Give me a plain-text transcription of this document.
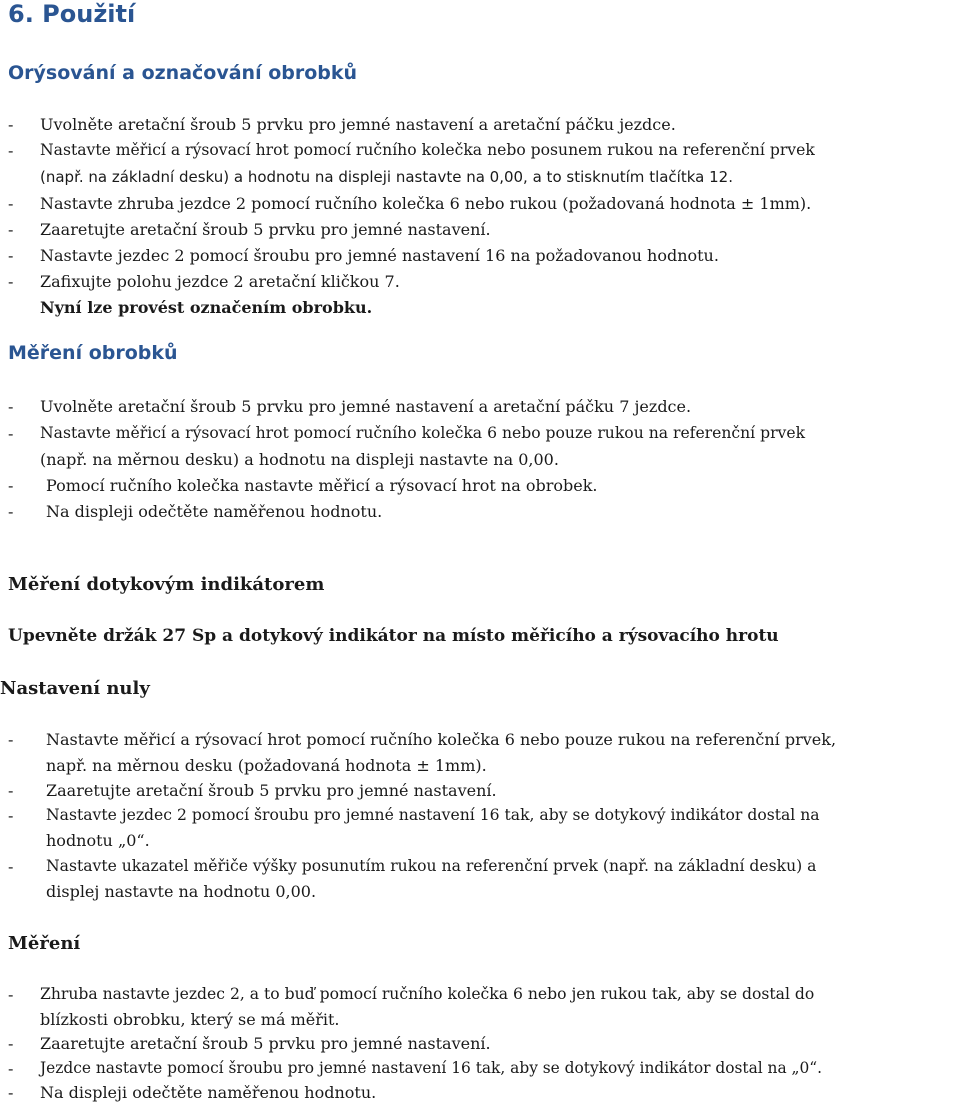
6. Použití
Orýsování a označování obrobků
- Uvolněte aretační šroub 5 prvku pro jemné nastavení a aretační páčku jezdce.
- Nastavte měřicí a rýsovací hrot pomocí ručního kolečka nebo posunem rukou na referenční prvek
(např. na základní desku) a hodnotu na displeji nastavte na 0,00, a to stisknutím tlačítka 12.
- Nastavte zhruba jezdce 2 pomocí ručního kolečka 6 nebo rukou (požadovaná hodnota ± 1mm).
- Zaaretujte aretační šroub 5 prvku pro jemné nastavení.
- Nastavte jezdec 2 pomocí šroubu pro jemné nastavení 16 na požadovanou hodnotu.
- Zafixujte polohu jezdce 2 aretační kličkou 7.
Nyní lze provést označením obrobku.
Měření obrobků
- Uvolněte aretační šroub 5 prvku pro jemné nastavení a aretační páčku 7 jezdce.
- Nastavte měřicí a rýsovací hrot pomocí ručního kolečka 6 nebo pouze rukou na referenční prvek
(např. na měrnou desku) a hodnotu na displeji nastavte na 0,00.
- Pomocí ručního kolečka nastavte měřicí a rýsovací hrot na obrobek.
- Na displeji odečtěte naměřenou hodnotu.
Měření dotykovým indikátorem
Upevněte držák 27 Sp a dotykový indikátor na místo měřicího a rýsovacího hrotu
Nastavení nuly
- Nastavte měřicí a rýsovací hrot pomocí ručního kolečka 6 nebo pouze rukou na referenční prvek,
např. na měrnou desku (požadovaná hodnota ± 1mm).
- Zaaretujte aretační šroub 5 prvku pro jemné nastavení.
- Nastavte jezdec 2 pomocí šroubu pro jemné nastavení 16 tak, aby se dotykový indikátor dostal na
hodnotu „0“.
- Nastavte ukazatel měřiče výšky posunutím rukou na referenční prvek (např. na základní desku) a
displej nastavte na hodnotu 0,00.
Měření
- Zhruba nastavte jezdec 2, a to buď pomocí ručního kolečka 6 nebo jen rukou tak, aby se dostal do
blízkosti obrobku, který se má měřit.
- Zaaretujte aretační šroub 5 prvku pro jemné nastavení.
- Jezdce nastavte pomocí šroubu pro jemné nastavení 16 tak, aby se dotykový indikátor dostal na „0“.
- Na displeji odečtěte naměřenou hodnotu.
